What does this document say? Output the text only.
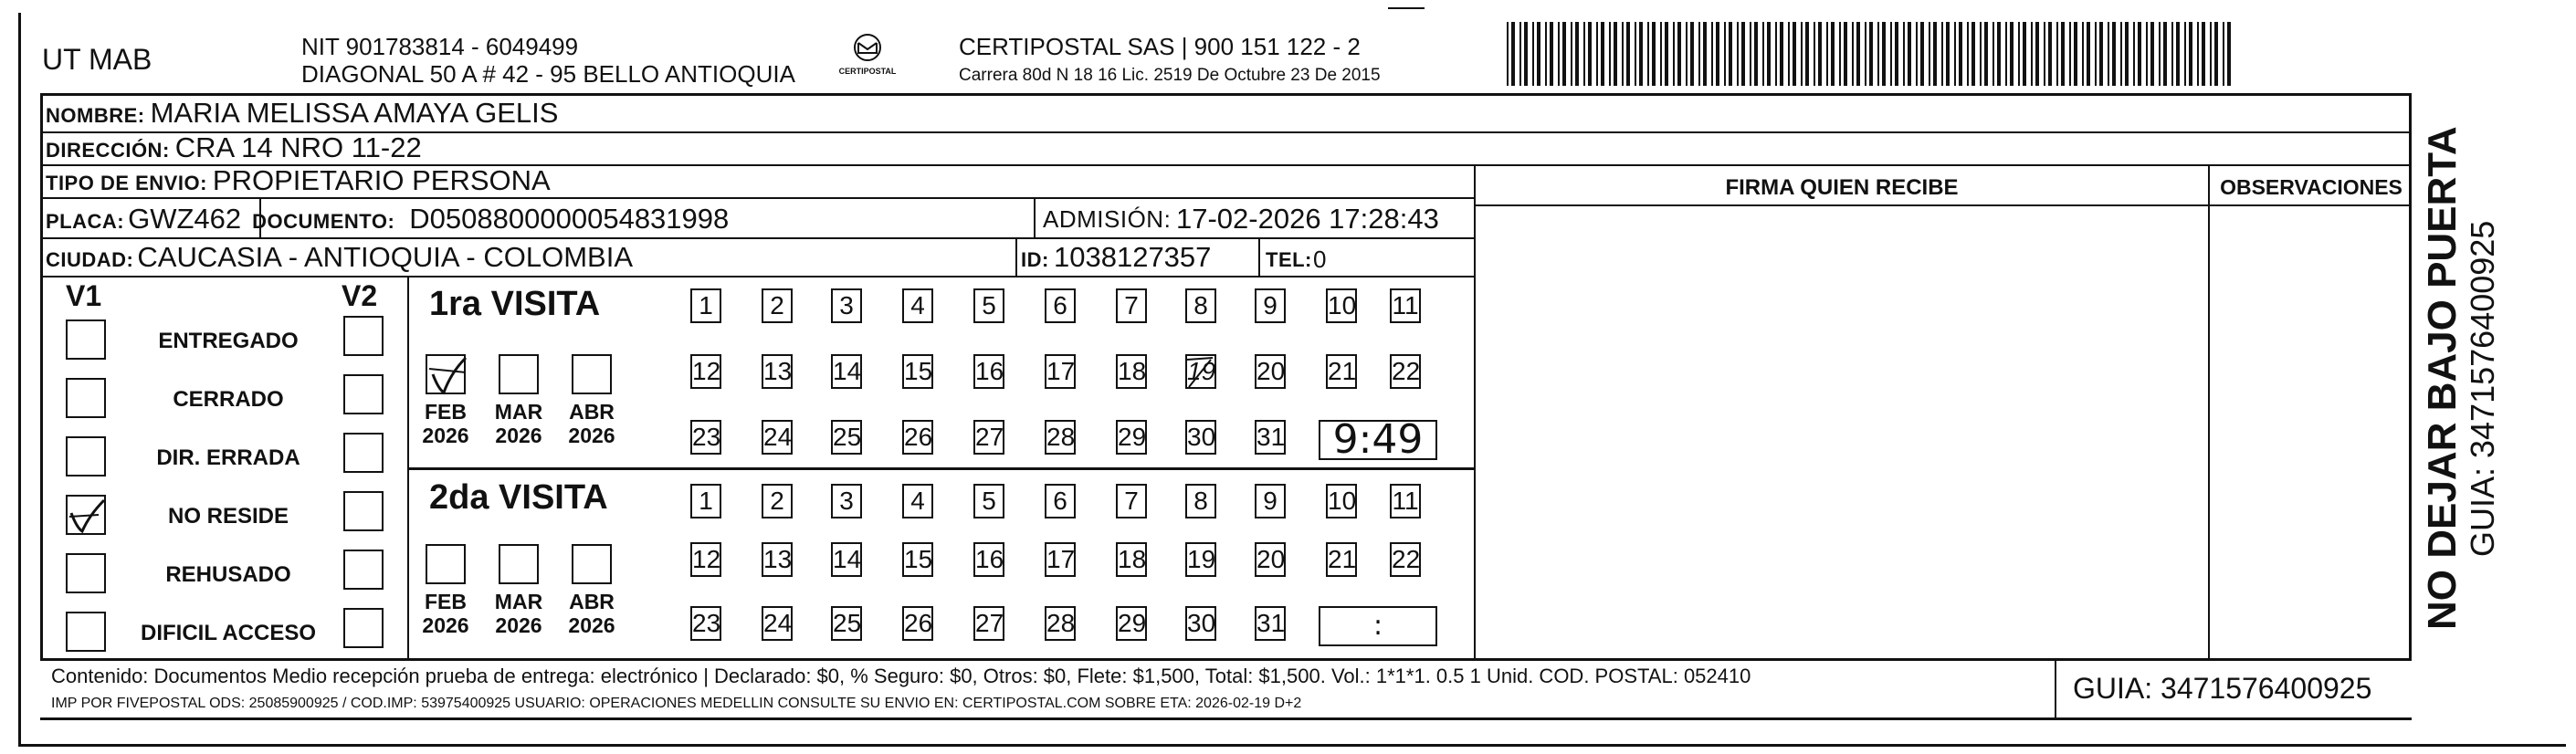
UT MAB	NIT 901783814 - 6049499
DIAGONAL 50 A # 42 - 95 BELLO ANTIOQUIA	CERTIPOSTAL
CERTIPOSTAL SAS | 900 151 122 - 2
Carrera 80d N 18 16 Lic. 2519 De Octubre 23 De 2015
NOMBRE: MARIA MELISSA AMAYA GELIS
DIRECCIÓN: CRA 14 NRO 11-22
TIPO DE ENVIO: PROPIETARIO PERSONA
PLACA: GWZ462 DOCUMENTO: D0508800000054831998	ADMISIÓN: 17-02-2026 17:28:43
CIUDAD: CAUCASIA - ANTIOQUIA - COLOMBIA	ID: 1038127357	TEL: 0
FIRMA QUIEN RECIBE	OBSERVACIONES
V1	V2
ENTREGADO
CERRADO
DIR. ERRADA
NO RESIDE
REHUSADO
DIFICIL ACCESO
1ra VISITA
FEB
2026
MAR
2026
ABR
2026
1	2	3	4	5	6	7	8	9	10 11
12 13 14 15 16 17 18 19 20 21 22
23 24 25 26 27 28 29 30 31	9:49
2da VISITA
FEB
2026
MAR
2026
ABR
2026
1	2	3	4	5	6	7	8	9	10 11
12 13 14 15 16 17 18 19 20 21 22
23 24 25 26 27 28 29 30 31	:
Contenido: Documentos Medio recepción prueba de entrega: electrónico | Declarado: $0, % Seguro: $0, Otros: $0, Flete: $1,500, Total: $1,500. Vol.: 1*1*1. 0.5 1 Unid. COD. POSTAL: 052410
IMP POR FIVEPOSTAL ODS: 25085900925 / COD.IMP: 53975400925 USUARIO: OPERACIONES MEDELLIN CONSULTE SU ENVIO EN: CERTIPOSTAL.COM SOBRE ETA: 2026-02-19 D+2	GUIA: 3471576400925
NO DEJAR BAJO PUERTA GUIA: 3471576400925
